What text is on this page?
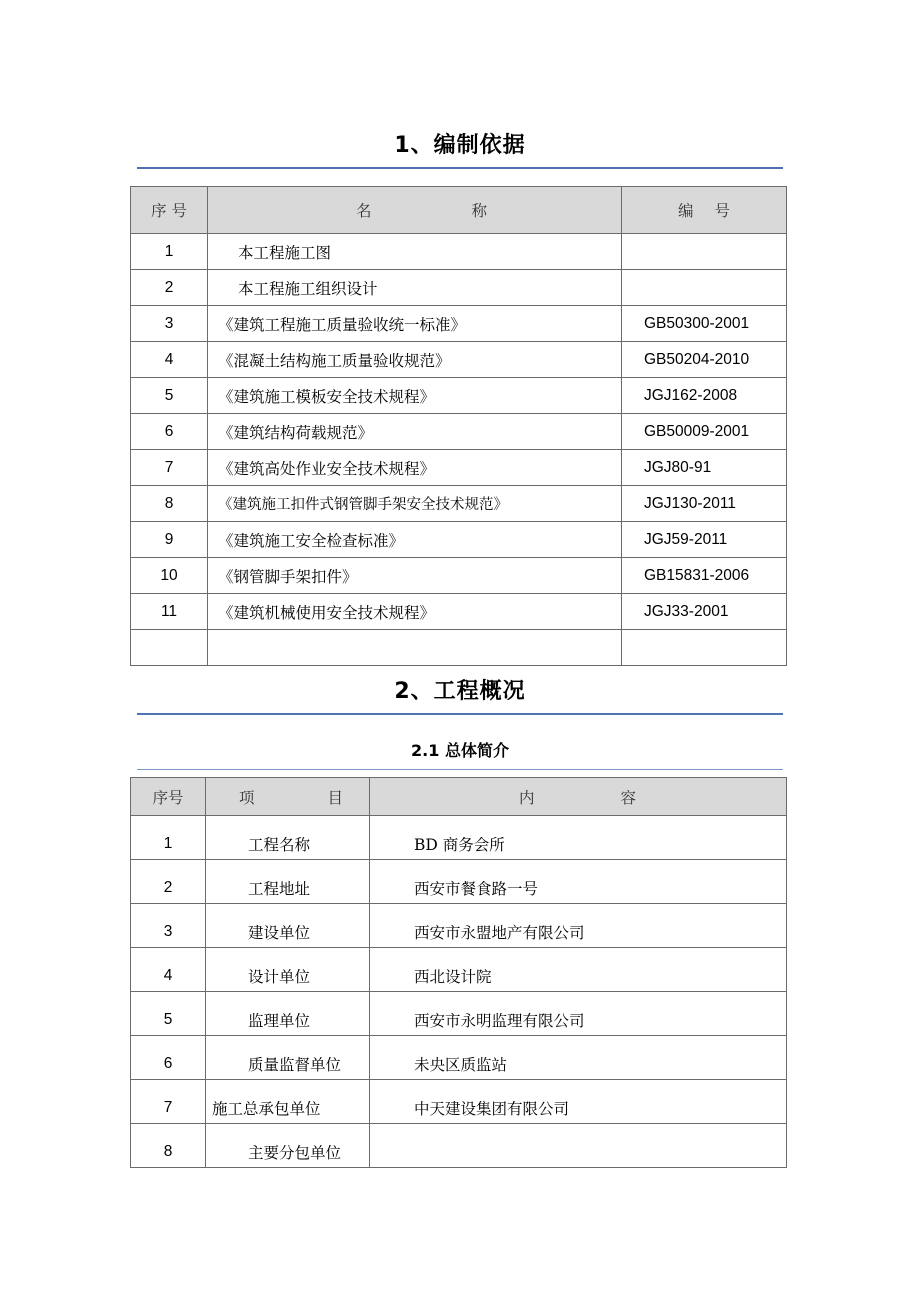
1、编制依据
序 号	名 称	编 号

1	本工程施工图	
2	本工程施工组织设计	
3	《建筑工程施工质量验收统一标准》	GB50300-2001
4	《混凝土结构施工质量验收规范》	GB50204-2010
5	《建筑施工模板安全技术规程》	JGJ162-2008
6	《建筑结构荷载规范》	GB50009-2001
7	《建筑高处作业安全技术规程》	JGJ80-91
8	《建筑施工扣件式钢管脚手架安全技术规范》	JGJ130-2011
9	《建筑施工安全检查标准》	JGJ59-2011
10	《钢管脚手架扣件》	GB15831-2006
11	《建筑机械使用安全技术规程》	JGJ33-2001

2、工程概况
2.1 总体简介
序号	项 目	内 容

1	工程名称	BD 商务会所
2	工程地址	西安市餐食路一号
3	建设单位	西安市永盟地产有限公司
4	设计单位	西北设计院
5	监理单位	西安市永明监理有限公司
6	质量监督单位	未央区质监站
7	施工总承包单位	中天建设集团有限公司
8	主要分包单位	
